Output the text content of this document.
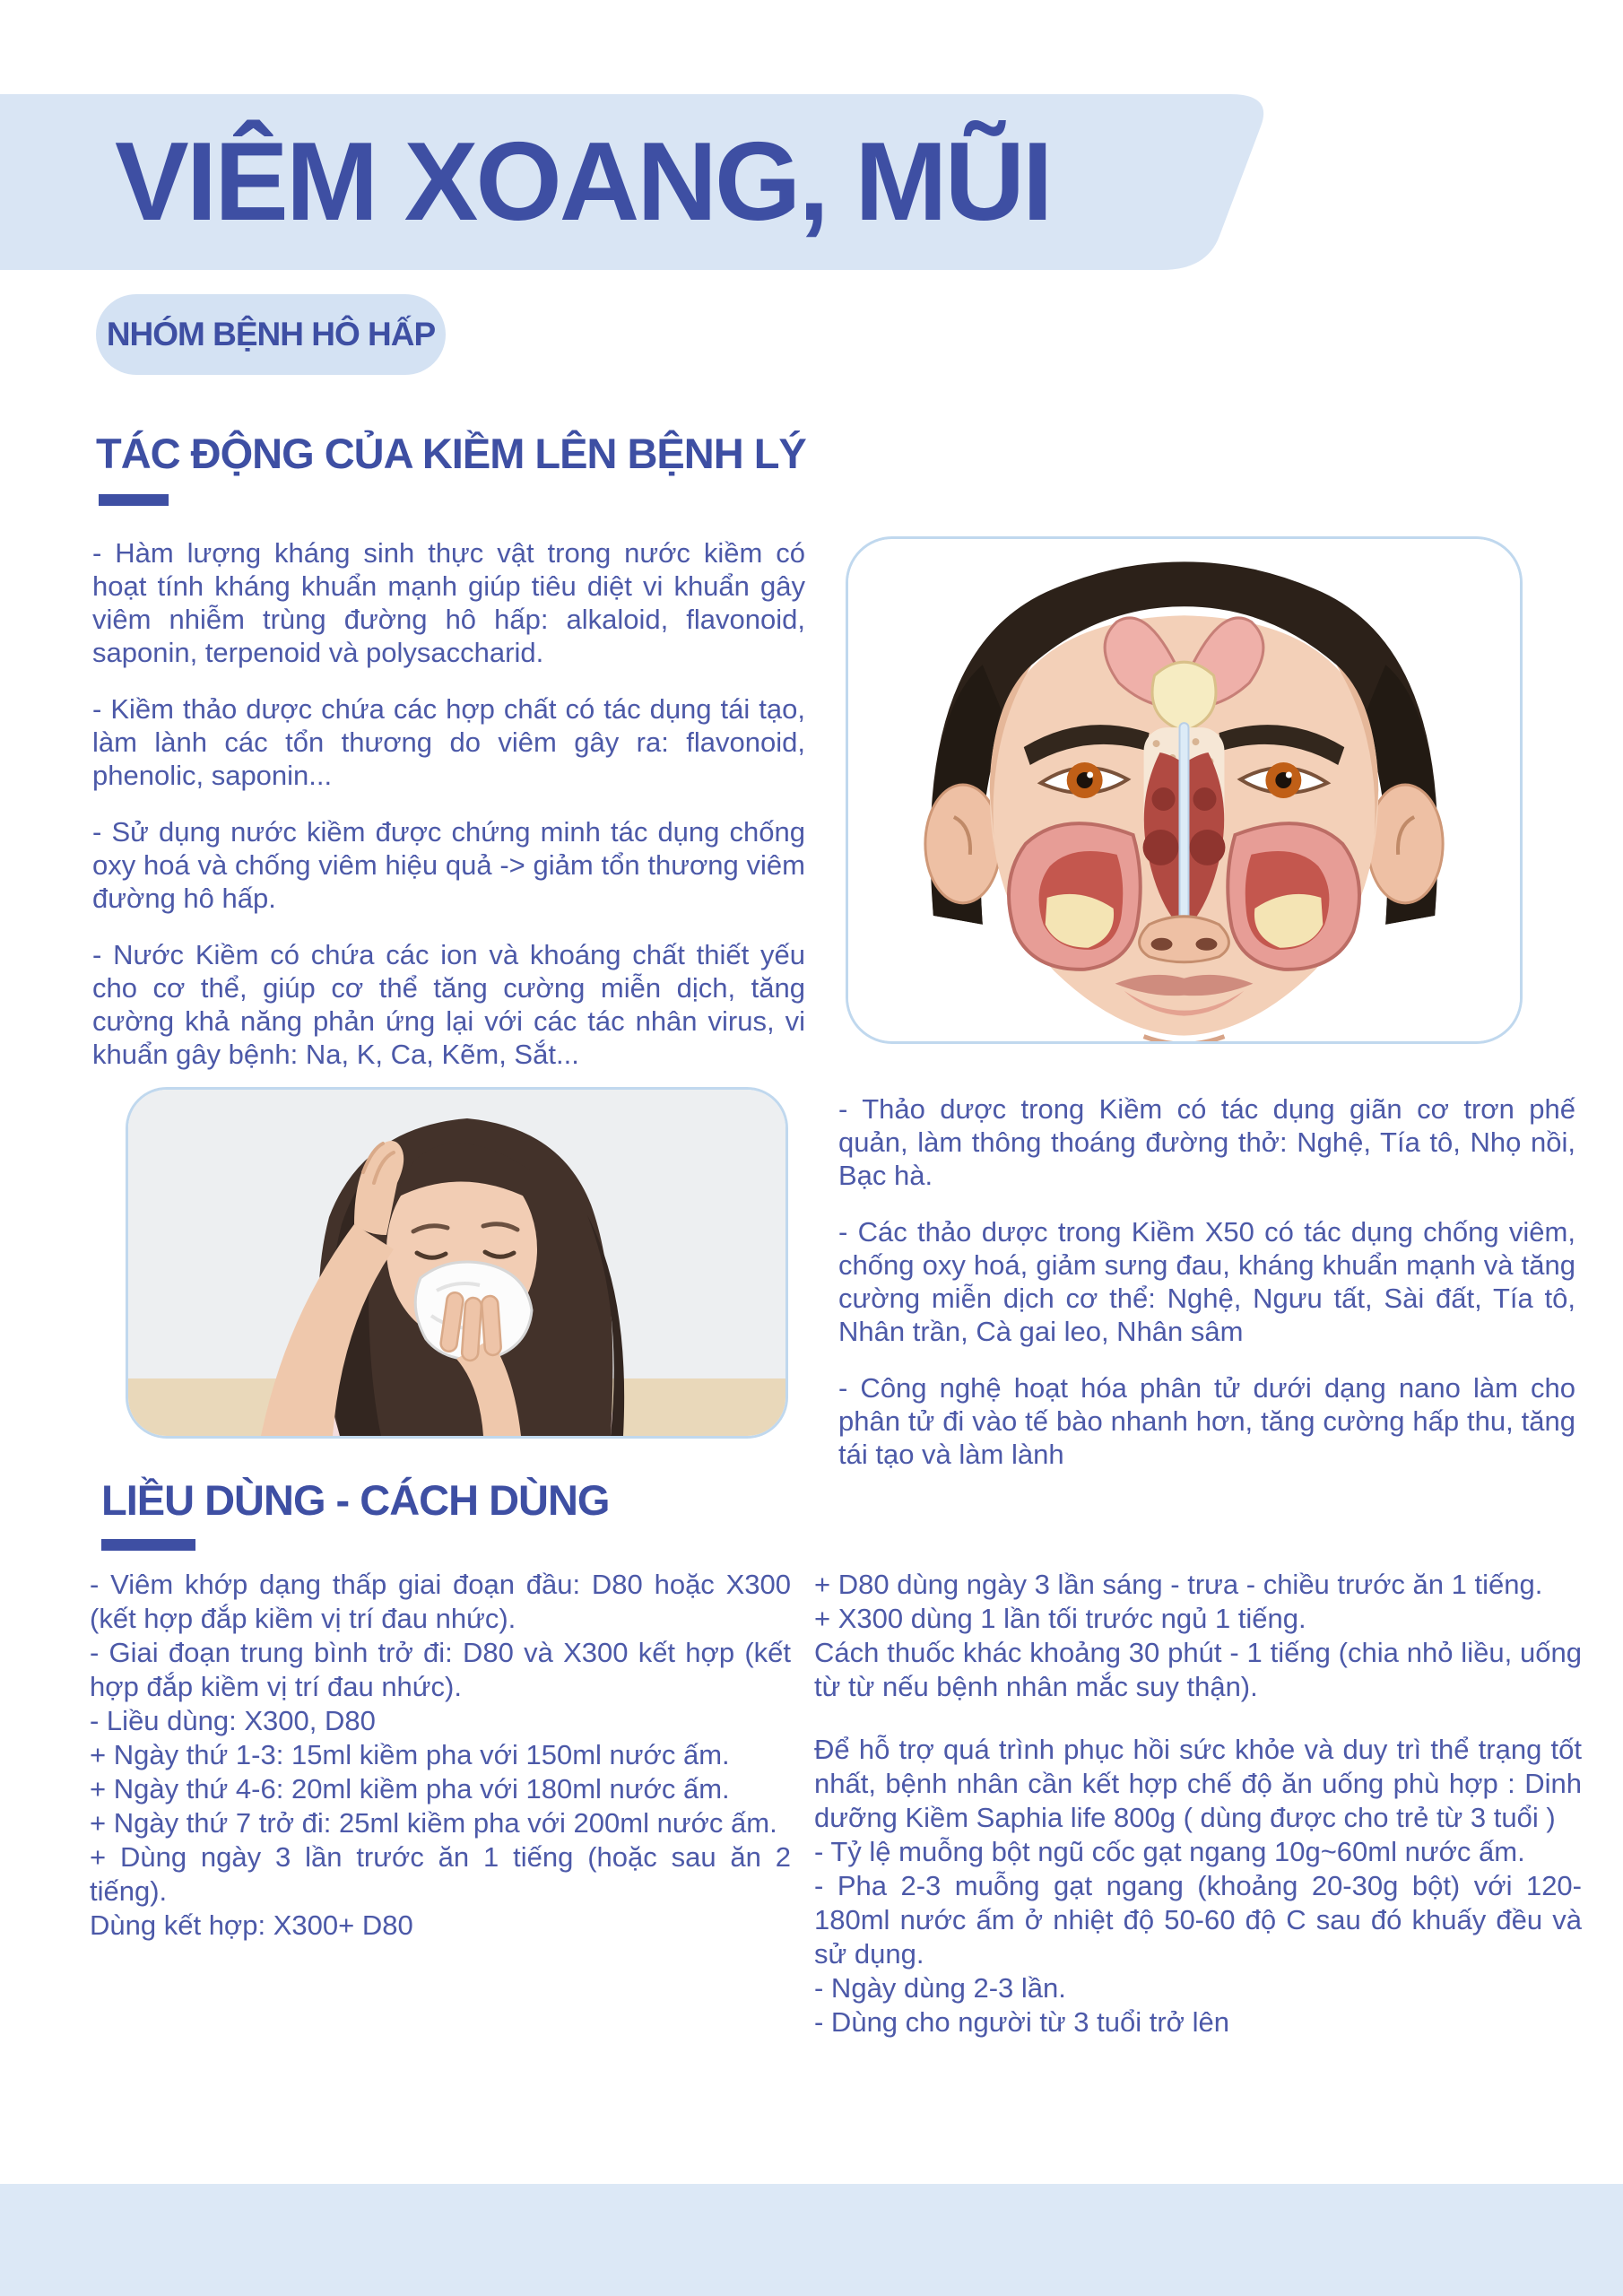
VIÊM XOANG, MŨI
NHÓM BỆNH HÔ HẤP
TÁC ĐỘNG CỦA KIỀM LÊN BỆNH LÝ

- Hàm lượng kháng sinh thực vật trong nước kiềm có hoạt tính kháng khuẩn mạnh giúp tiêu diệt vi khuẩn gây viêm nhiễm trùng đường hô hấp: alkaloid, flavonoid, saponin, terpenoid và polysaccharid.

- Kiềm thảo dược chứa các hợp chất có tác dụng tái tạo, làm lành các tổn thương do viêm gây ra: flavonoid, phenolic, saponin...

- Sử dụng nước kiềm được chứng minh tác dụng chống oxy hoá và chống viêm hiệu quả -> giảm tổn thương viêm đường hô hấp.

- Nước Kiềm có chứa các ion và khoáng chất thiết yếu cho cơ thể, giúp cơ thể tăng cường miễn dịch, tăng cường khả năng phản ứng lại với các tác nhân virus, vi khuẩn gây bệnh: Na, K, Ca, Kẽm, Sắt...

- Thảo dược trong Kiềm có tác dụng giãn cơ trơn phế quản, làm thông thoáng đường thở: Nghệ, Tía tô, Nhọ nồi, Bạc hà.

- Các thảo dược trong Kiềm X50 có tác dụng chống viêm, chống oxy hoá, giảm sưng đau, kháng khuẩn mạnh và tăng cường miễn dịch cơ thể: Nghệ, Ngưu tất, Sài đất, Tía tô, Nhân trần, Cà gai leo, Nhân sâm

- Công nghệ hoạt hóa phân tử dưới dạng nano làm cho phân tử đi vào tế bào nhanh hơn, tăng cường hấp thu, tăng tái tạo và làm lành

LIỀU DÙNG - CÁCH DÙNG

- Viêm khớp dạng thấp giai đoạn đầu: D80 hoặc X300 (kết hợp đắp kiềm vị trí đau nhức).

- Giai đoạn trung bình trở đi: D80 và X300 kết hợp (kết hợp đắp kiềm vị trí đau nhức).

- Liều dùng: X300, D80

+ Ngày thứ 1-3: 15ml kiềm pha với 150ml nước ấm.

+ Ngày thứ 4-6: 20ml kiềm pha với 180ml nước ấm.

+ Ngày thứ 7 trở đi: 25ml kiềm pha với 200ml nước ấm.

+ Dùng ngày 3 lần trước ăn 1 tiếng (hoặc sau ăn 2 tiếng).

Dùng kết hợp: X300+ D80

+ D80 dùng ngày 3 lần sáng - trưa - chiều trước ăn 1 tiếng.

+ X300 dùng 1 lần tối trước ngủ 1 tiếng.

Cách thuốc khác khoảng 30 phút - 1 tiếng (chia nhỏ liều, uống từ từ nếu bệnh nhân mắc suy thận).

Để hỗ trợ quá trình phục hồi sức khỏe và duy trì thể trạng tốt nhất, bệnh nhân cần kết hợp chế độ ăn uống phù hợp : Dinh dưỡng Kiềm Saphia life 800g ( dùng được cho trẻ từ 3 tuổi )

- Tỷ lệ muỗng bột ngũ cốc gạt ngang 10g~60ml nước ấm.

- Pha 2-3 muỗng gạt ngang (khoảng 20-30g bột) với 120-180ml nước ấm ở nhiệt độ 50-60 độ C sau đó khuấy đều và sử dụng.

- Ngày dùng 2-3 lần.

- Dùng cho người từ 3 tuổi trở lên
